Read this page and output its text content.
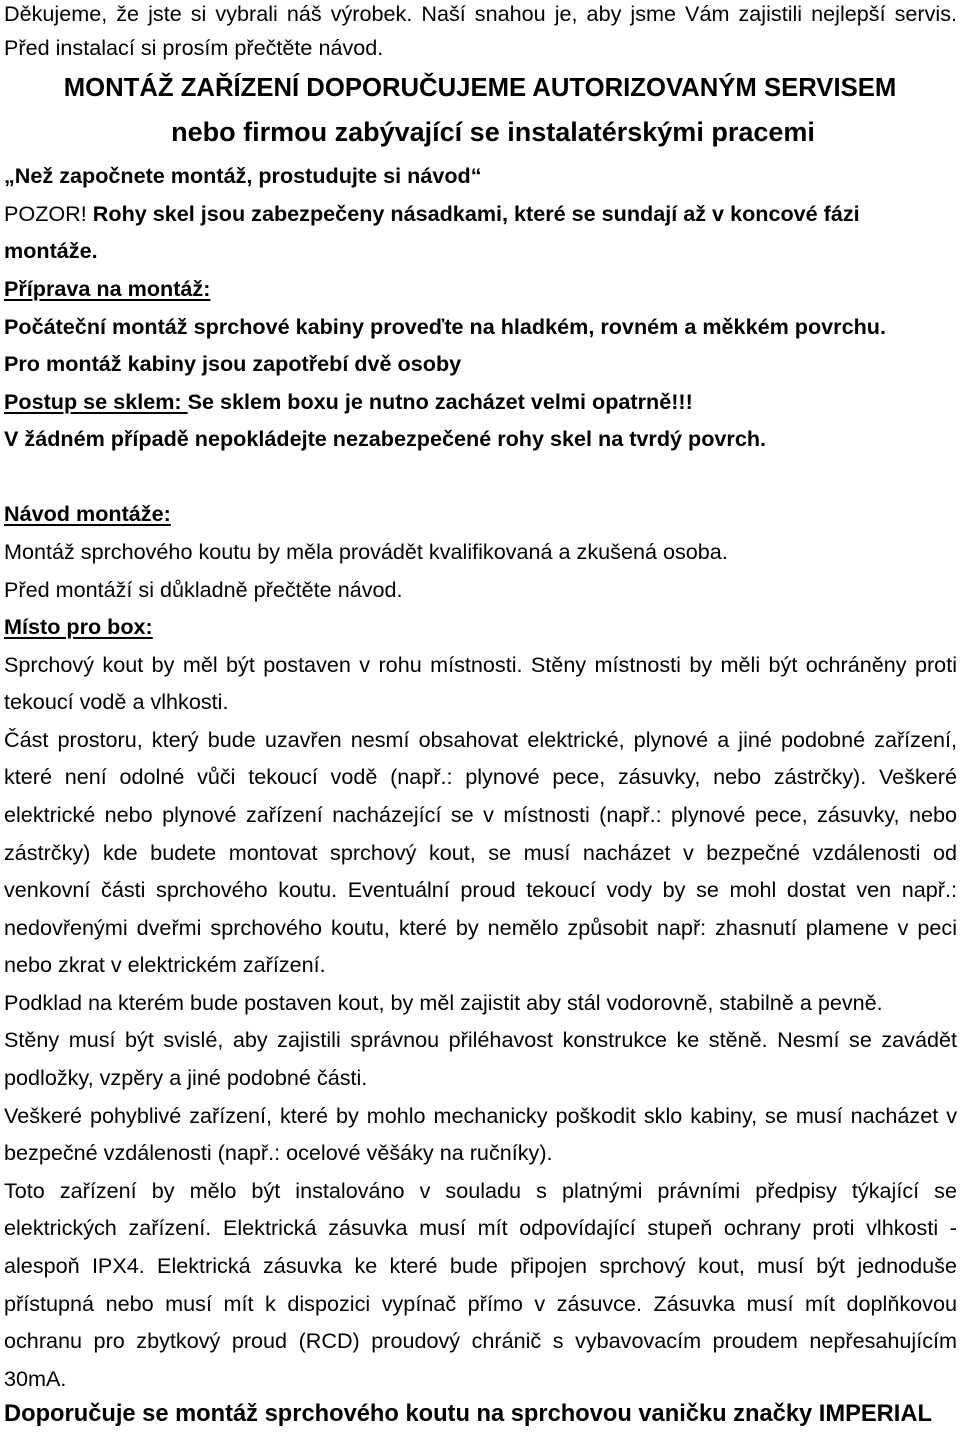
Děkujeme, že jste si vybrali náš výrobek. Naší snahou je, aby jsme Vám zajistili nejlepší servis.
Před instalací si prosím přečtěte návod.
MONTÁŽ ZAŘÍZENÍ DOPORUČUJEME AUTORIZOVANÝM SERVISEM
nebo firmou zabývající se instalatérskými pracemi
„Než započnete montáž, prostudujte si návod“
POZOR! Rohy skel jsou zabezpečeny násadkami, které se sundají až v koncové fázi
montáže.
Příprava na montáž:
Počáteční montáž sprchové kabiny proveďte na hladkém, rovném a měkkém povrchu.
Pro montáž kabiny jsou zapotřebí dvě osoby
Postup se sklem: Se sklem boxu je nutno zacházet velmi opatrně!!!
V žádném případě nepokládejte nezabezpečené rohy skel na tvrdý povrch.
Návod montáže:
Montáž sprchového koutu by měla provádět kvalifikovaná a zkušená osoba.
Před montáží si důkladně přečtěte návod.
Místo pro box:
Sprchový kout by měl být postaven v rohu místnosti. Stěny místnosti by měli být ochráněny proti
tekoucí vodě a vlhkosti.
Část prostoru, který bude uzavřen nesmí obsahovat elektrické, plynové a jiné podobné zařízení,
které není odolné vůči tekoucí vodě (např.: plynové pece, zásuvky, nebo zástrčky). Veškeré
elektrické nebo plynové zařízení nacházející se v místnosti (např.: plynové pece, zásuvky, nebo
zástrčky) kde budete montovat sprchový kout, se musí nacházet v bezpečné vzdálenosti od
venkovní části sprchového koutu. Eventuální proud tekoucí vody by se mohl dostat ven např.:
nedovřenými dveřmi sprchového koutu, které by nemělo způsobit např: zhasnutí plamene v peci
nebo zkrat v elektrickém zařízení.
Podklad na kterém bude postaven kout, by měl zajistit aby stál vodorovně, stabilně a pevně.
Stěny musí být svislé, aby zajistili správnou přiléhavost konstrukce ke stěně. Nesmí se zavádět
podložky, vzpěry a jiné podobné části.
Veškeré pohyblivé zařízení, které by mohlo mechanicky poškodit sklo kabiny, se musí nacházet v
bezpečné vzdálenosti (např.: ocelové věšáky na ručníky).
Toto zařízení by mělo být instalováno v souladu s platnými právními předpisy týkající se
elektrických zařízení. Elektrická zásuvka musí mít odpovídající stupeň ochrany proti vlhkosti -
alespoň IPX4. Elektrická zásuvka ke které bude připojen sprchový kout, musí být jednoduše
přístupná nebo musí mít k dispozici vypínač přímo v zásuvce. Zásuvka musí mít doplňkovou
ochranu pro zbytkový proud (RCD) proudový chránič s vybavovacím proudem nepřesahujícím
30mA.
Doporučuje se montáž sprchového koutu na sprchovou vaničku značky IMPERIAL
